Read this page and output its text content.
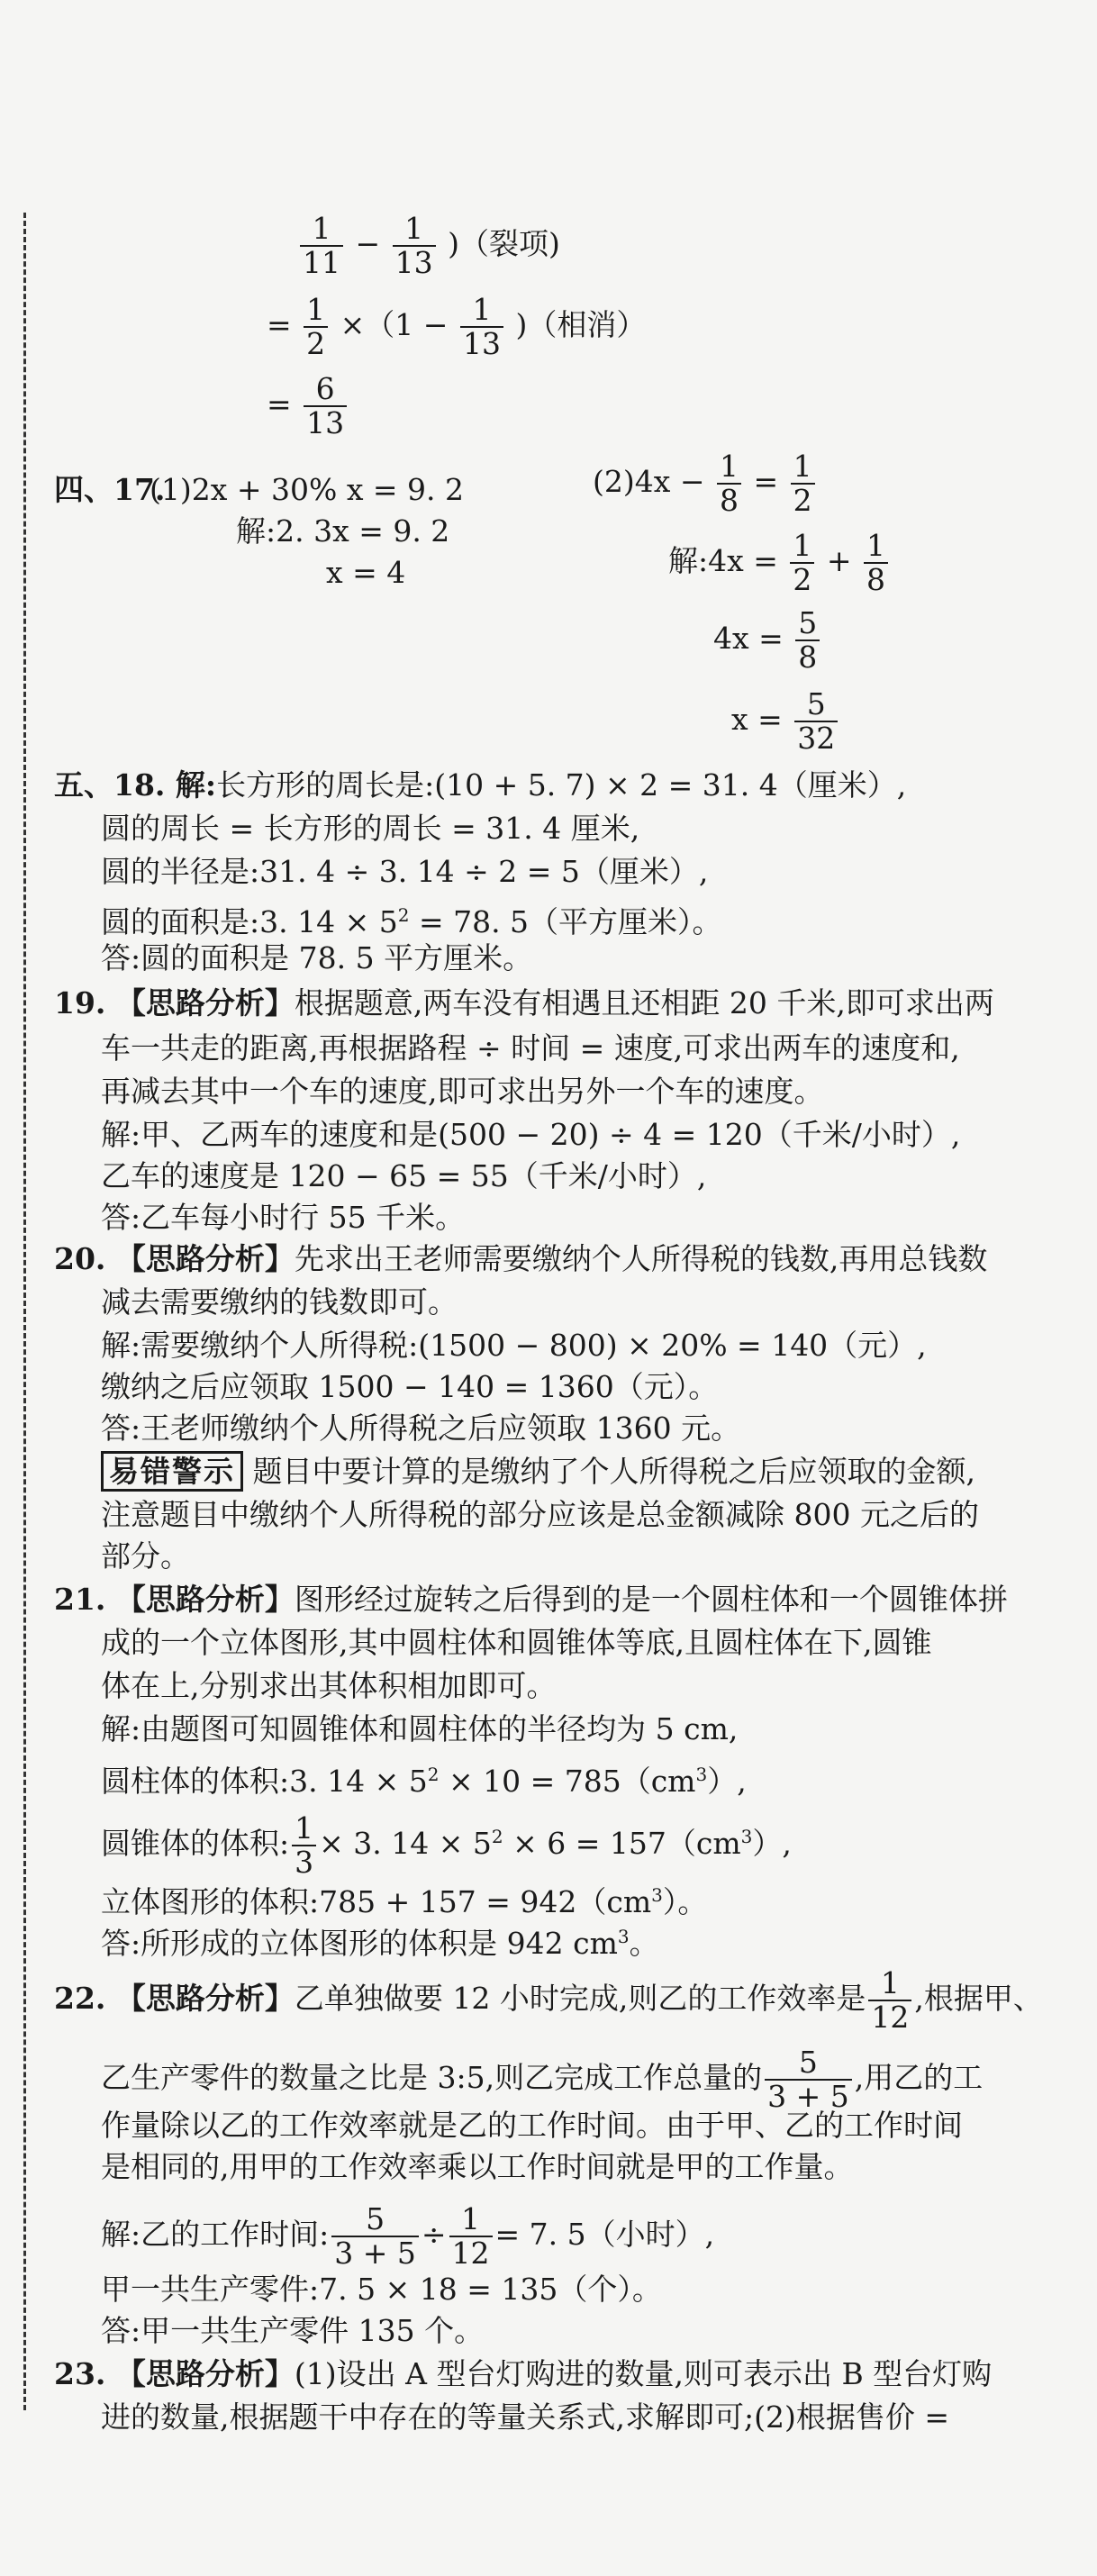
$\frac{1}{11} - \frac{1}{13}$ )（裂项)
= $\frac{1}{2} \times(1 - \frac{1}{13}$ )（相消）
= $\frac{6}{13}$
四、17.
(1)2x + 30% x = 9. 2
解:2. 3x = 9. 2
x = 4
$(2)4x - \frac{1}{8} = \frac{1}{2}$
解:4x = $\frac{1}{2} + \frac{1}{8}$
$4x = \frac{5}{8}$
$x = \frac{5}{32}$
五、18. 解:长方形的周长是:(10 + 5. 7) × 2 = 31. 4（厘米）,
圆的周长 = 长方形的周长 = 31. 4 厘米,
圆的半径是:31. 4 ÷ 3. 14 ÷ 2 = 5（厘米）,
圆的面积是:3. $14 \times 5^2 = 78$. 5（平方厘米）。
答:圆的面积是 78. 5 平方厘米。
19. 【思路分析】根据题意,两车没有相遇且还相距 20 千米,即可求出两
车一共走的距离,再根据路程 ÷ 时间 = 速度,可求出两车的速度和,
再减去其中一个车的速度,即可求出另外一个车的速度。
解:甲、乙两车的速度和是(500 − 20) ÷ 4 = 120（千米/小时）,
乙车的速度是 120 − 65 = 55（千米/小时）,
答:乙车每小时行 55 千米。
20. 【思路分析】先求出王老师需要缴纳个人所得税的钱数,再用总钱数
减去需要缴纳的钱数即可。
解:需要缴纳个人所得税:(1500 − 800) × 20% = 140（元）,
缴纳之后应领取 1500 − 140 = 1360（元）。
答:王老师缴纳个人所得税之后应领取 1360 元。
易错警示 题目中要计算的是缴纳了个人所得税之后应领取的金额,
注意题目中缴纳个人所得税的部分应该是总金额减除 800 元之后的
部分。
21. 【思路分析】图形经过旋转之后得到的是一个圆柱体和一个圆锥体拼
成的一个立体图形,其中圆柱体和圆锥体等底,且圆柱体在下,圆锥
体在上,分别求出其体积相加即可。
解:由题图可知圆锥体和圆柱体的半径均为 5 cm,
圆柱体的体积:3. $14 \times 5^2 \times 10 = 785(cm^3)$,
圆锥体的体积: $\frac{1}{3} \times 3$. $14 \times 5^2 \times 6 = 157(cm^3)$,
立体图形的体积:785 + $157 = 942(cm^3)$。
答:所形成的立体图形的体积是 942 $cm^3$。
22. 【思路分析】乙单独做要 12 小时完成,则乙的工作效率是 $\frac{1}{12}$ ,根据甲、
乙生产零件的数量之比是 3:5,则乙完成工作总量的 $\frac{5}{3 + 5}$ ,用乙的工
作量除以乙的工作效率就是乙的工作时间。由于甲、乙的工作时间
是相同的,用甲的工作效率乘以工作时间就是甲的工作量。
解:乙的工作时间: $\frac{5}{3 + 5} \div \frac{1}{12} = 7$. 5（小时）,
甲一共生产零件:7. 5 × 18 = 135（个）。
答:甲一共生产零件 135 个。
23. 【思路分析】(1)设出 A 型台灯购进的数量,则可表示出 B 型台灯购
进的数量,根据题干中存在的等量关系式,求解即可;(2)根据售价 =
